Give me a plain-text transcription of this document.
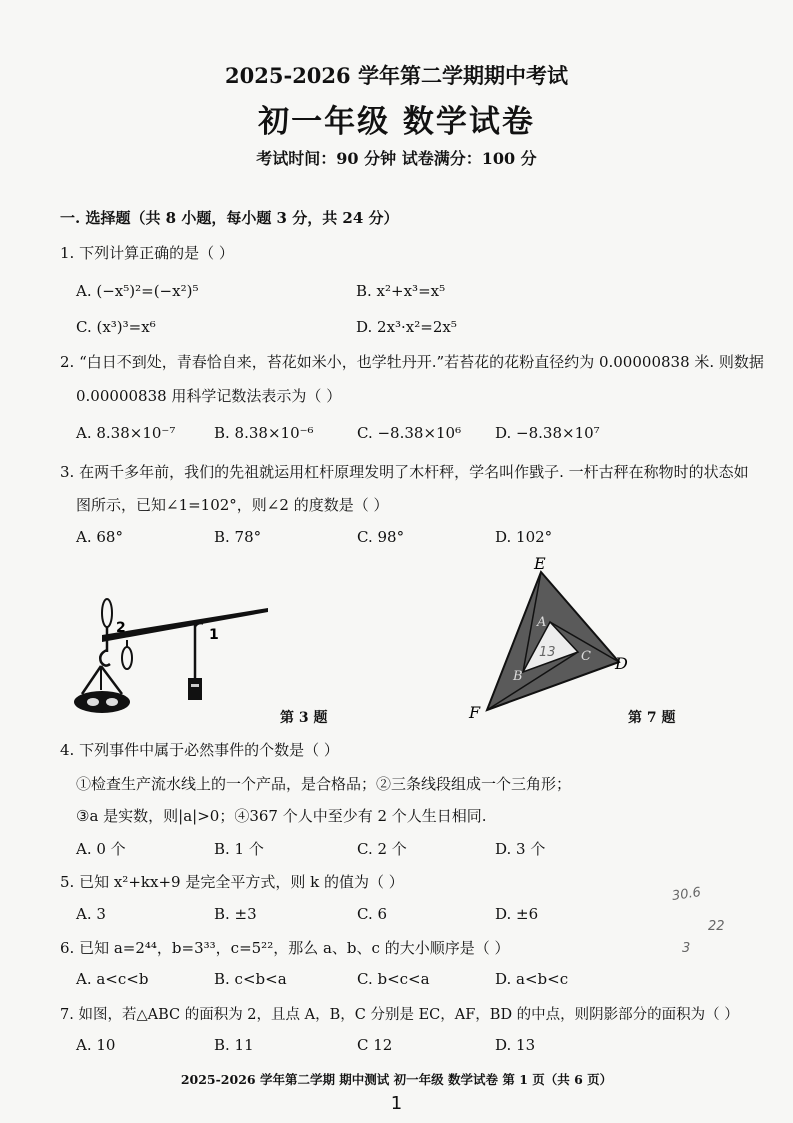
2025-2026 学年第二学期期中考试
初一年级 数学试卷
考试时间：90 分钟 试卷满分：100 分
一. 选择题（共 8 小题，每小题 3 分，共 24 分）
1. 下列计算正确的是（ ）
A. (−x⁵)²=(−x²)⁵	B. x²+x³=x⁵
C. (x³)³=x⁶	D. 2x³·x²=2x⁵
2. “白日不到处，青春恰自来，苔花如米小，也学牡丹开.”若苔花的花粉直径约为 0.00000838 米. 则数据
0.00000838 用科学记数法表示为（ ）
A. 8.38×10⁻⁷	B. 8.38×10⁻⁶	C. −8.38×10⁶ D. −8.38×10⁷
3. 在两千多年前，我们的先祖就运用杠杆原理发明了木杆秤，学名叫作戥子. 一杆古秤在称物时的状态如
图所示，已知∠1=102°，则∠2 的度数是（ ）
A. 68°	B. 78°	C. 98°	D. 102°
1
2
第 3 题
E
D
F
A
B
C
13
第 7 题
4. 下列事件中属于必然事件的个数是（ ）
①检查生产流水线上的一个产品，是合格品；②三条线段组成一个三角形；
③a 是实数，则|a|>0；④367 个人中至少有 2 个人生日相同.
A. 0 个	B. 1 个	C. 2 个	D. 3 个
5. 已知 x²+kx+9 是完全平方式，则 k 的值为（ ）
A. 3	B. ±3	C. 6	D. ±6
30.6
22
3
6. 已知 a=2⁴⁴，b=3³³，c=5²²，那么 a、b、c 的大小顺序是（ ）
A. a<c<b	B. c<b<a	C. b<c<a	D. a<b<c
7. 如图，若△ABC 的面积为 2，且点 A，B，C 分别是 EC，AF，BD 的中点，则阴影部分的面积为（ ）
A. 10	B. 11	C 12	D. 13
2025-2026 学年第二学期 期中测试 初一年级 数学试卷 第 1 页（共 6 页）
1
